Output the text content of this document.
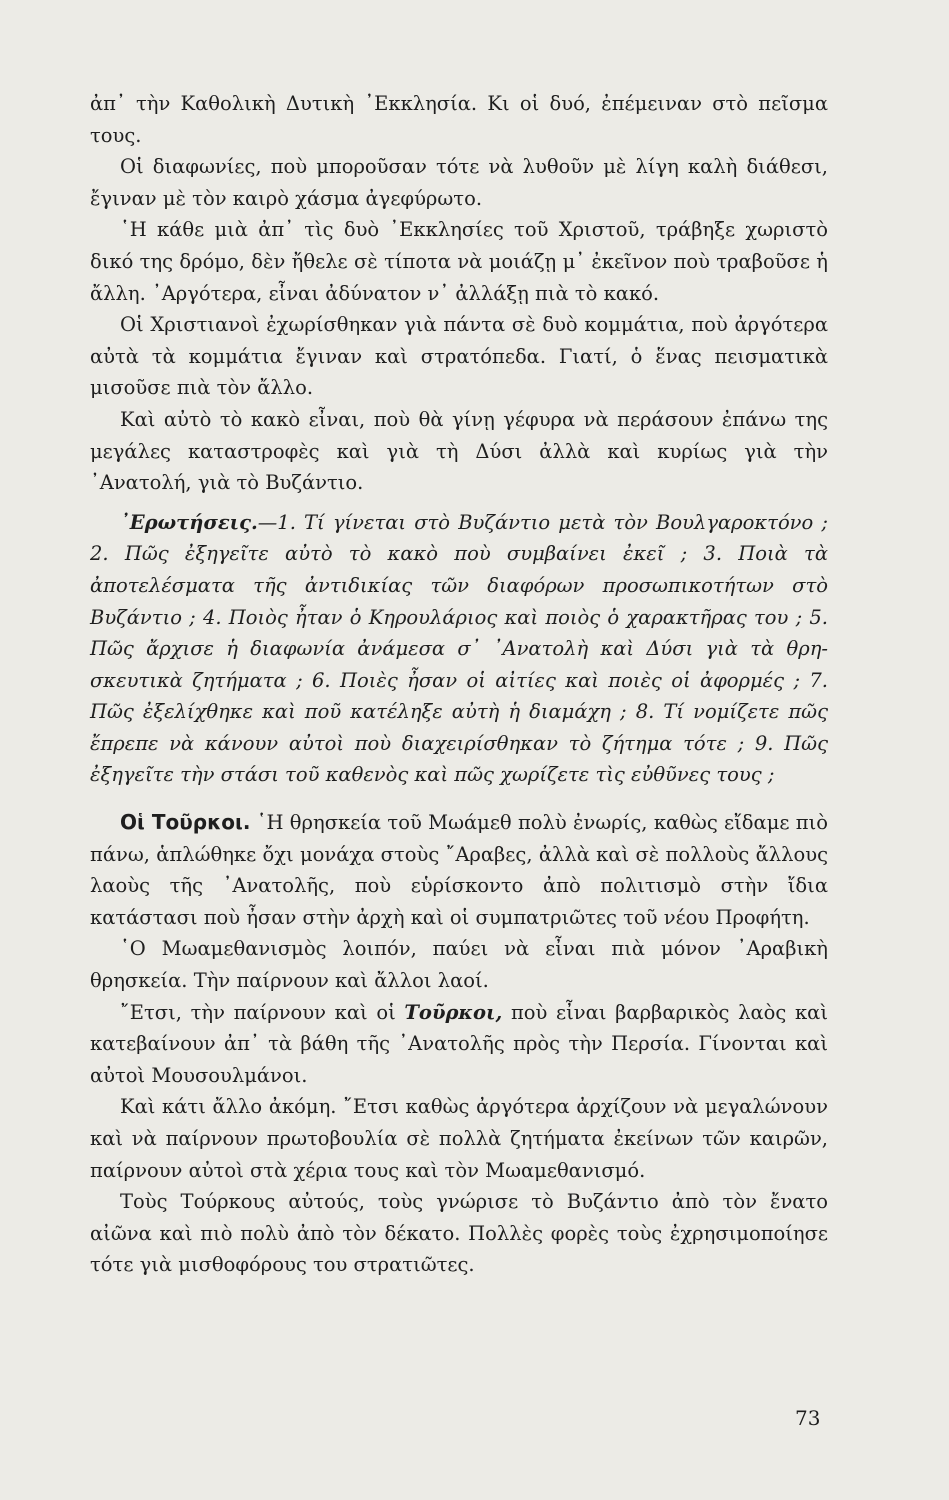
ἀπ᾿ τὴν Καθολικὴ Δυτικὴ ᾿Εκκλησία. Κι οἱ δυό, ἐπέμειναν στὸ πεῖσμα τους.

Οἱ διαφωνίες, ποὺ μποροῦσαν τότε νὰ λυθοῦν μὲ λίγη καλὴ διάθεσι, ἔγιναν μὲ τὸν καιρὸ χάσμα ἀγεφύρωτο.

῾Η κάθε μιὰ ἀπ᾿ τὶς δυὸ ᾿Εκκλησίες τοῦ Χριστοῦ, τράβηξε χωριστὸ δικό της δρόμο, δὲν ἤθελε σὲ τίποτα νὰ μοιάζῃ μ᾿ ἐκεῖνον ποὺ τραβοῦσε ἡ ἄλλη. ᾿Αργότερα, εἶναι ἀδύνατον ν᾿ ἀλλάξῃ πιὰ τὸ κακό.

Οἱ Χριστιανοὶ ἐχωρίσθηκαν γιὰ πάντα σὲ δυὸ κομμάτια, ποὺ ἀργότερα αὐτὰ τὰ κομμάτια ἔγιναν καὶ στρατόπεδα. Γιατί, ὁ ἕνας πεισματικὰ μισοῦσε πιὰ τὸν ἄλλο.

Καὶ αὐτὸ τὸ κακὸ εἶναι, ποὺ θὰ γίνῃ γέφυρα νὰ περάσουν ἐπάνω της μεγάλες καταστροφὲς καὶ γιὰ τὴ Δύσι ἀλλὰ καὶ κυρίως γιὰ τὴν ᾿Ανατολή, γιὰ τὸ Βυζάντιο.

᾿Ερωτήσεις.—1. Τί γίνεται στὸ Βυζάντιο μετὰ τὸν Βουλγαροκτόνο ; 2. Πῶς ἐξηγεῖτε αὐτὸ τὸ κακὸ ποὺ συμβαίνει ἐκεῖ ; 3. Ποιὰ τὰ ἀποτελέσματα τῆς ἀντιδικίας τῶν διαφόρων προσωπικοτήτων στὸ Βυζάντιο ; 4. Ποιὸς ἦταν ὁ Κηρουλάριος καὶ ποιὸς ὁ χαρακτῆρας του ; 5. Πῶς ἄρχισε ἡ διαφωνία ἀνάμεσα σ᾿ ᾿Ανατολὴ καὶ Δύσι γιὰ τὰ θρησκευτικὰ ζητήματα ; 6. Ποιὲς ἦσαν οἱ αἰτίες καὶ ποιὲς οἱ ἀφορμές ; 7. Πῶς ἐξελίχθηκε καὶ ποῦ κατέληξε αὐτὴ ἡ διαμάχη ; 8. Τί νομίζετε πῶς ἔπρεπε νὰ κάνουν αὐτοὶ ποὺ διαχειρίσθηκαν τὸ ζήτημα τότε ; 9. Πῶς ἐξηγεῖτε τὴν στάσι τοῦ καθενὸς καὶ πῶς χωρίζετε τὶς εὐθῦνες τους ;

Οἱ Τοῦρκοι. ῾Η θρησκεία τοῦ Μωάμεθ πολὺ ἐνωρίς, καθὼς εἴδαμε πιὸ πάνω, ἁπλώθηκε ὄχι μονάχα στοὺς ῎Αραβες, ἀλλὰ καὶ σὲ πολλοὺς ἄλλους λαοὺς τῆς ᾿Ανατολῆς, ποὺ εὑρίσκοντο ἀπὸ πολιτισμὸ στὴν ἴδια κατάστασι ποὺ ἦσαν στὴν ἀρχὴ καὶ οἱ συμπατριῶτες τοῦ νέου Προφήτη.

῾Ο Μωαμεθανισμὸς λοιπόν, παύει νὰ εἶναι πιὰ μόνον ᾿Αραβικὴ θρησκεία. Τὴν παίρνουν καὶ ἄλλοι λαοί.

῎Ετσι, τὴν παίρνουν καὶ οἱ Τοῦρκοι, ποὺ εἶναι βαρβαρικὸς λαὸς καὶ κατεβαίνουν ἀπ᾿ τὰ βάθη τῆς ᾿Ανατολῆς πρὸς τὴν Περσία. Γίνονται καὶ αὐτοὶ Μουσουλμάνοι.

Καὶ κάτι ἄλλο ἀκόμη. ῎Ετσι καθὼς ἀργότερα ἀρχίζουν νὰ μεγαλώνουν καὶ νὰ παίρνουν πρωτοβουλία σὲ πολλὰ ζητήματα ἐκείνων τῶν καιρῶν, παίρνουν αὐτοὶ στὰ χέρια τους καὶ τὸν Μωαμεθανισμό.

Τοὺς Τούρκους αὐτούς, τοὺς γνώρισε τὸ Βυζάντιο ἀπὸ τὸν ἔνατο αἰῶνα καὶ πιὸ πολὺ ἀπὸ τὸν δέκατο. Πολλὲς φορὲς τοὺς ἐχρησιμοποίησε τότε γιὰ μισθοφόρους του στρατιῶτες.

73
